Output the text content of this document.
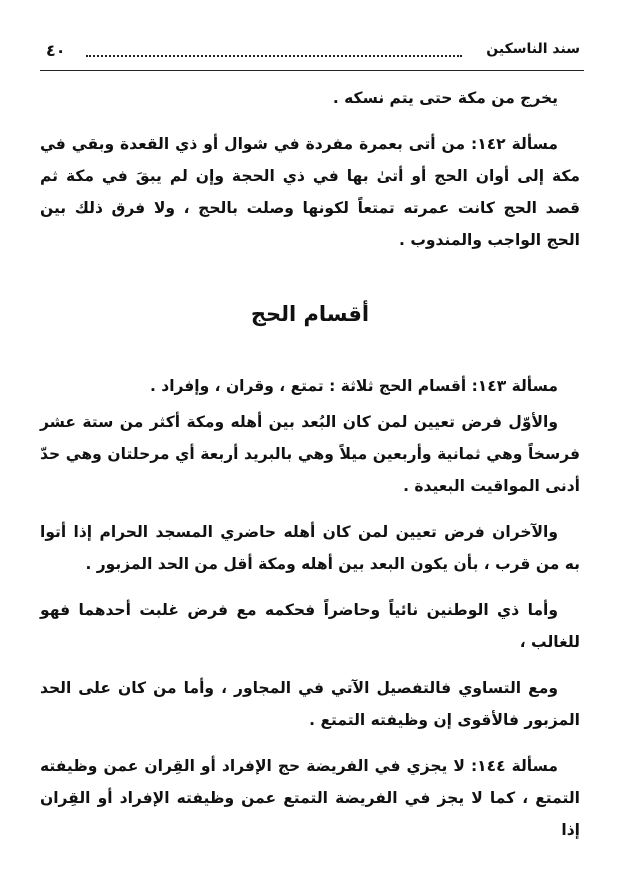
سند الناسكين
٤٠

يخرج من مكة حتى يتم نسكه .

مسألة ١٤٢: من أتى بعمرة مفردة في شوال أو ذي القعدة وبقي في مكة إلى أوان الحج أو أتىٰ بها في ذي الحجة وإن لم يبقَ في مكة ثم قصد الحج كانت عمرته تمتعاً لكونها وصلت بالحج ، ولا فرق ذلك بين الحج الواجب والمندوب .

أقسام الحج

مسألة ١٤٣: أقسام الحج ثلاثة : تمتع ، وقران ، وإفراد .

والأوّل فرض تعيين لمن كان البُعد بين أهله ومكة أكثر من ستة عشر فرسخاً وهي ثمانية وأربعين ميلاً وهي بالبريد أربعة أي مرحلتان وهي حدّ أدنى المواقيت البعيدة .

والآخران فرض تعيين لمن كان أهله حاضري المسجد الحرام إذا أتوا به من قرب ، بأن يكون البعد بين أهله ومكة أقل من الحد المزبور .

وأما ذي الوطنين نائياً وحاضراً فحكمه مع فرض غلبت أحدهما فهو للغالب ،

ومع التساوي فالتفصيل الآتي في المجاور ، وأما من كان على الحد المزبور فالأقوى إن وظيفته التمتع .

مسألة ١٤٤: لا يجزي في الفريضة حج الإفراد أو القِران عمن وظيفته التمتع ، كما لا يجز في الفريضة التمتع عمن وظيفته الإفراد أو القِران إذا
